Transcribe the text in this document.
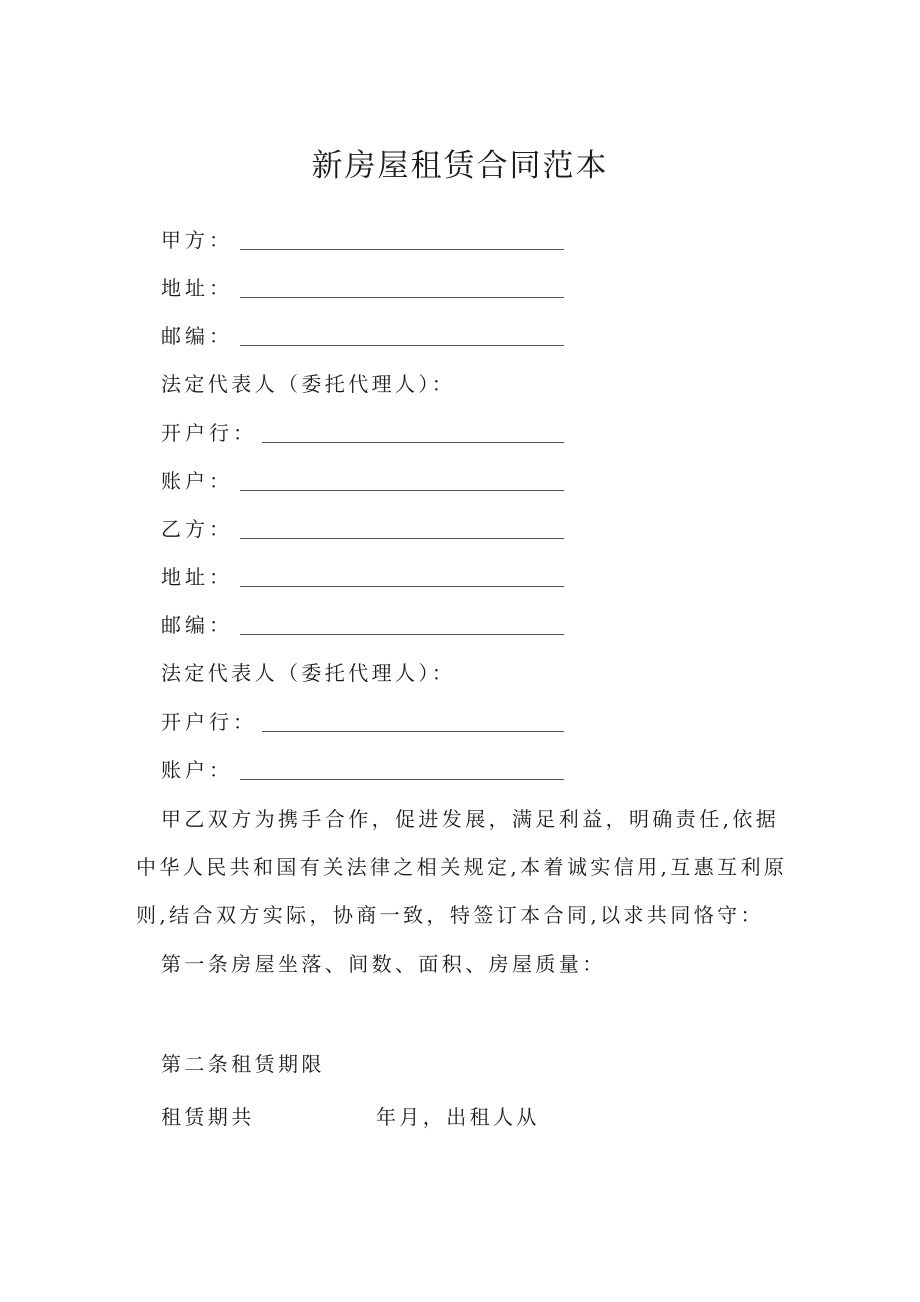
新房屋租赁合同范本
甲方：
地址：
邮编：
法定代表人（委托代理人）：
开户行：
账户：
乙方：
地址：
邮编：
法定代表人（委托代理人）：
开户行：
账户：
甲乙双方为携手合作，促进发展，满足利益，明确责任,依据中华人民共和国有关法律之相关规定,本着诚实信用,互惠互利原则,结合双方实际，协商一致，特签订本合同,以求共同恪守：
第一条房屋坐落、间数、面积、房屋质量：
第二条租赁期限
租赁期共	年月，出租人从
